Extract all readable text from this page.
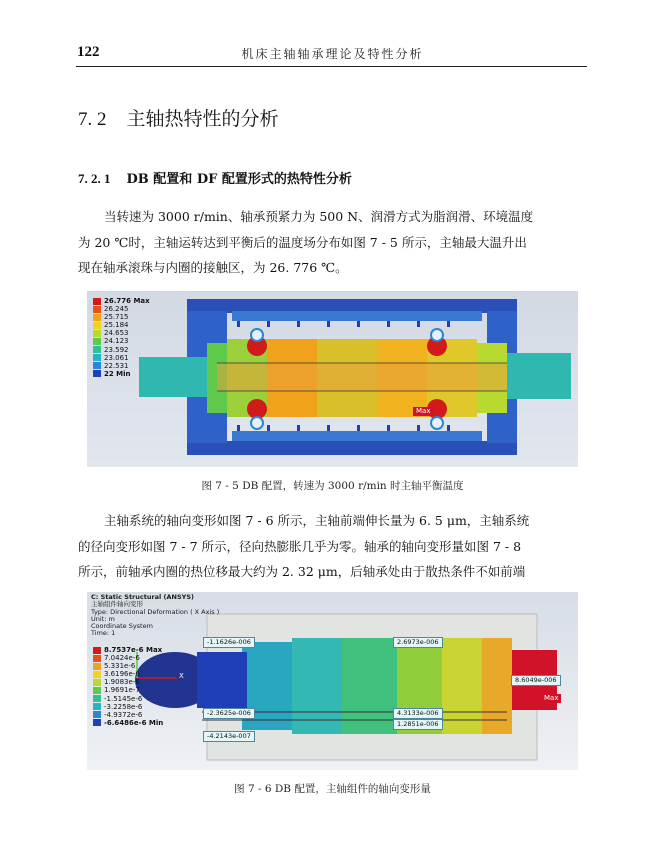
122	机床主轴轴承理论及特性分析
7. 2 主轴热特性的分析
7. 2. 1 DB 配置和 DF 配置形式的热特性分析
当转速为 3000 r/min、轴承预紧力为 500 N、润滑方式为脂润滑、环境温度
为 20 ℃时，主轴运转达到平衡后的温度场分布如图 7 - 5 所示，主轴最大温升出
现在轴承滚珠与内圈的接触区，为 26. 776 ℃。
Max
26.776 Max
26.245
25.715
25.184
24.653
24.123
23.592
23.061
22.531
22 Min
图 7 - 5 DB 配置，转速为 3000 r/min 时主轴平衡温度
主轴系统的轴向变形如图 7 - 6 所示，主轴前端伸长量为 6. 5 μm，主轴系统
的径向变形如图 7 - 7 所示，径向热膨胀几乎为零。轴承的轴向变形量如图 7 - 8
所示，前轴承内圈的热位移最大约为 2. 32 μm，后轴承处由于散热条件不如前端
C: Static Structural (ANSYS)
主轴组件轴向变形
Type: Directional Deformation ( X Axis )
Unit: m
Coordinate System
Time: 1
8.7537e-6 Max
7.0424e-6
5.331e-6
3.6196e-6
1.9083e-6
1.9691e-7
-1.5145e-6
-3.2258e-6
-4.9372e-6
-6.6486e-6 Min
-1.1626e-006	2.6973e-006
8.6049e-006
-2.3625e-006	4.3133e-006
1.2851e-006
-4.2143e-007
Max
X
图 7 - 6 DB 配置，主轴组件的轴向变形量
